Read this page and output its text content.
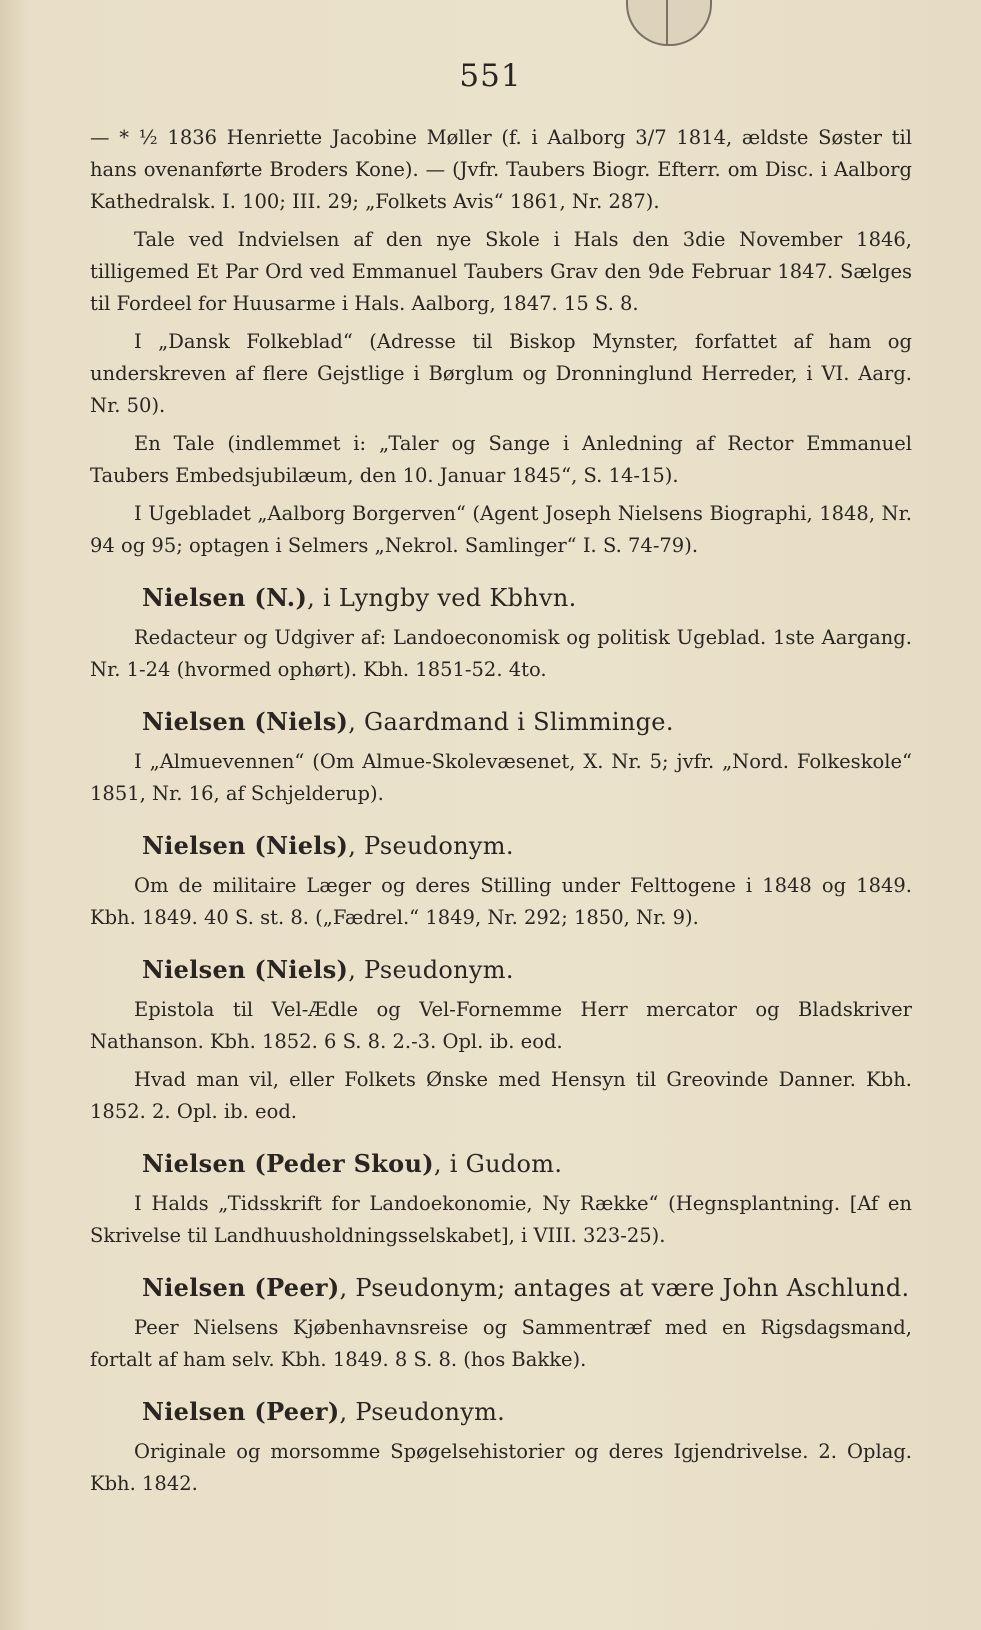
551

— * ½ 1836 Henriette Jacobine Møller (f. i Aalborg 3/7 1814, ældste Søster til hans ovenanførte Broders Kone). — (Jvfr. Taubers Biogr. Efterr. om Disc. i Aalborg Kathedralsk. I. 100; III. 29; „Folkets Avis“ 1861, Nr. 287).

Tale ved Indvielsen af den nye Skole i Hals den 3die November 1846, tilligemed Et Par Ord ved Emmanuel Taubers Grav den 9de Februar 1847. Sælges til Fordeel for Huusarme i Hals. Aalborg, 1847. 15 S. 8.

I „Dansk Folkeblad“ (Adresse til Biskop Mynster, forfattet af ham og underskreven af flere Gejstlige i Børglum og Dronninglund Herreder, i VI. Aarg. Nr. 50).

En Tale (indlemmet i: „Taler og Sange i Anledning af Rector Emmanuel Taubers Embedsjubilæum, den 10. Januar 1845“, S. 14-15).

I Ugebladet „Aalborg Borgerven“ (Agent Joseph Nielsens Biographi, 1848, Nr. 94 og 95; optagen i Selmers „Nekrol. Samlinger“ I. S. 74-79).

Nielsen (N.), i Lyngby ved Kbhvn.

Redacteur og Udgiver af: Landoeconomisk og politisk Ugeblad. 1ste Aargang. Nr. 1-24 (hvormed ophørt). Kbh. 1851-52. 4to.

Nielsen (Niels), Gaardmand i Slimminge.

I „Almuevennen“ (Om Almue-Skolevæsenet, X. Nr. 5; jvfr. „Nord. Folkeskole“ 1851, Nr. 16, af Schjelderup).

Nielsen (Niels), Pseudonym.

Om de militaire Læger og deres Stilling under Felttogene i 1848 og 1849. Kbh. 1849. 40 S. st. 8. („Fædrel.“ 1849, Nr. 292; 1850, Nr. 9).

Nielsen (Niels), Pseudonym.

Epistola til Vel-Ædle og Vel-Fornemme Herr mercator og Bladskriver Nathanson. Kbh. 1852. 6 S. 8. 2.-3. Opl. ib. eod.

Hvad man vil, eller Folkets Ønske med Hensyn til Greovinde Danner. Kbh. 1852. 2. Opl. ib. eod.

Nielsen (Peder Skou), i Gudom.

I Halds „Tidsskrift for Landoekonomie, Ny Række“ (Hegnsplantning. [Af en Skrivelse til Landhuusholdningsselskabet], i VIII. 323-25).

Nielsen (Peer), Pseudonym; antages at være John Aschlund.

Peer Nielsens Kjøbenhavnsreise og Sammentræf med en Rigsdagsmand, fortalt af ham selv. Kbh. 1849. 8 S. 8. (hos Bakke).

Nielsen (Peer), Pseudonym.

Originale og morsomme Spøgelsehistorier og deres Igjendrivelse. 2. Oplag. Kbh. 1842.
